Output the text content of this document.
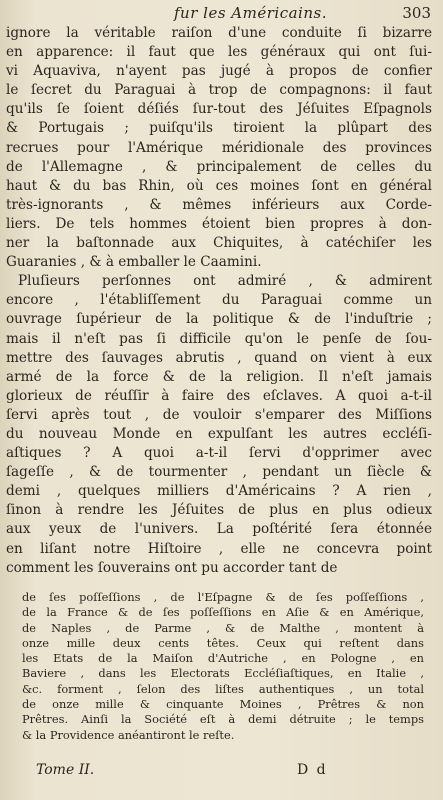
fur les Américains.	303
ignore la véritable raiſon d'une conduite ſi bizarre
en apparence: il faut que les généraux qui ont ſui-
vi Aquaviva, n'ayent pas jugé à propos de confier
le ſecret du Paraguai à trop de compagnons: il faut
qu'ils ſe ſoient déſiés ſur-tout des Jéſuites Eſpagnols
& Portugais ; puiſqu'ils tiroient la plûpart des
recrues pour l'Amérique méridionale des provinces
de l'Allemagne , & principalement de celles du
haut & du bas Rhin, où ces moines ſont en général
très-ignorants , & mêmes inférieurs aux Corde-
liers. De tels hommes étoient bien propres à don-
ner la baſtonnade aux Chiquites, à catéchiſer les
Guaranies , & à emballer le Caamini.
Pluſieurs perſonnes ont admiré , & admirent
encore , l'établiſſement du Paraguai comme un
ouvrage ſupérieur de la politique & de l'induſtrie ;
mais il n'eſt pas ſi difficile qu'on le penſe de ſou-
mettre des ſauvages abrutis , quand on vient à eux
armé de la force & de la religion. Il n'eſt jamais
glorieux de réuſſir à faire des eſclaves. A quoi a-t-il
ſervi après tout , de vouloir s'emparer des Miſſions
du nouveau Monde en expulſant les autres eccléſi-
aſtiques ? A quoi a-t-il ſervi d'opprimer avec
ſageſſe , & de tourmenter , pendant un ſiècle &
demi , quelques milliers d'Américains ? A rien ,
ſinon à rendre les Jéſuites de plus en plus odieux
aux yeux de l'univers. La poſtérité ſera étonnée
en liſant notre Hiſtoire , elle ne concevra point
comment les ſouverains ont pu accorder tant de
de ſes poſſeſſions , de l'Eſpagne & de ſes poſſeſſions ,
de la France & de ſes poſſeſſions en Aſie & en Amérique,
de Naples , de Parme , & de Malthe , montent à
onze mille deux cents têtes. Ceux qui reſtent dans
les Etats de la Maiſon d'Autriche , en Pologne , en
Baviere , dans les Electorats Eccléſiaſtiques, en Italie ,
&c. forment , ſelon des liſtes authentiques , un total
de onze mille & cinquante Moines , Prêtres & non
Prêtres. Ainſi la Société eſt à demi détruite ; le temps
& la Providence anéantiront le reſte.
Tome II.	D d
